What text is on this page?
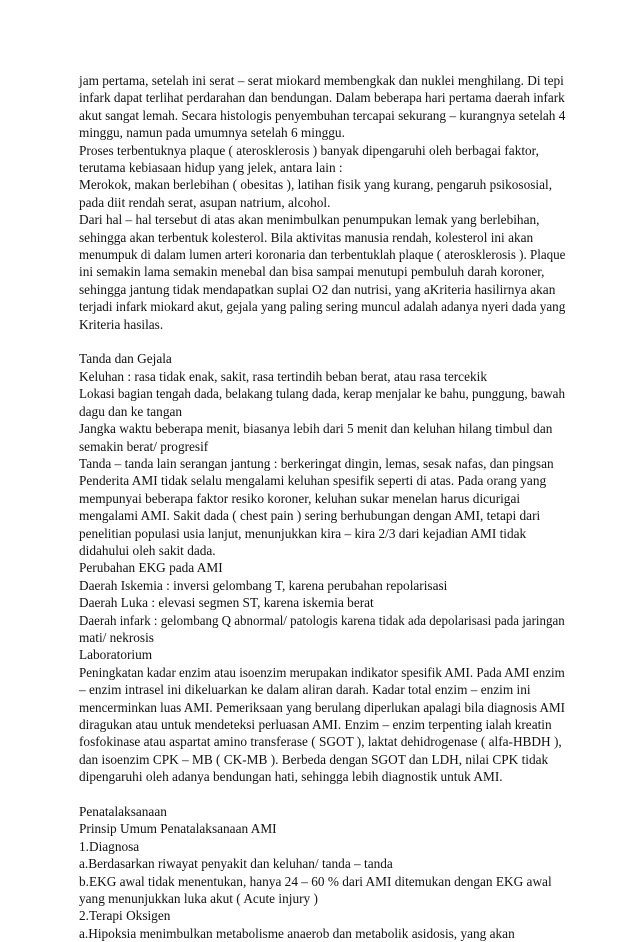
jam pertama, setelah ini serat – serat miokard membengkak dan nuklei menghilang. Di tepi
infark dapat terlihat perdarahan dan bendungan. Dalam beberapa hari pertama daerah infark
akut sangat lemah. Secara histologis penyembuhan tercapai sekurang – kurangnya setelah 4
minggu, namun pada umumnya setelah 6 minggu.
Proses terbentuknya plaque ( aterosklerosis ) banyak dipengaruhi oleh berbagai faktor,
terutama kebiasaan hidup yang jelek, antara lain :
Merokok, makan berlebihan ( obesitas ), latihan fisik yang kurang, pengaruh psikososial,
pada diit rendah serat, asupan natrium, alcohol.
Dari hal – hal tersebut di atas akan menimbulkan penumpukan lemak yang berlebihan,
sehingga akan terbentuk kolesterol. Bila aktivitas manusia rendah, kolesterol ini akan
menumpuk di dalam lumen arteri koronaria dan terbentuklah plaque ( aterosklerosis ). Plaque
ini semakin lama semakin menebal dan bisa sampai menutupi pembuluh darah koroner,
sehingga jantung tidak mendapatkan suplai O2 dan nutrisi, yang aKriteria hasilirnya akan
terjadi infark miokard akut, gejala yang paling sering muncul adalah adanya nyeri dada yang
Kriteria hasilas.
Tanda dan Gejala
Keluhan : rasa tidak enak, sakit, rasa tertindih beban berat, atau rasa tercekik
Lokasi bagian tengah dada, belakang tulang dada, kerap menjalar ke bahu, punggung, bawah
dagu dan ke tangan
Jangka waktu beberapa menit, biasanya lebih dari 5 menit dan keluhan hilang timbul dan
semakin berat/ progresif
Tanda – tanda lain serangan jantung : berkeringat dingin, lemas, sesak nafas, dan pingsan
Penderita AMI tidak selalu mengalami keluhan spesifik seperti di atas. Pada orang yang
mempunyai beberapa faktor resiko koroner, keluhan sukar menelan harus dicurigai
mengalami AMI. Sakit dada ( chest pain ) sering berhubungan dengan AMI, tetapi dari
penelitian populasi usia lanjut, menunjukkan kira – kira 2/3 dari kejadian AMI tidak
didahului oleh sakit dada.
Perubahan EKG pada AMI
Daerah Iskemia : inversi gelombang T, karena perubahan repolarisasi
Daerah Luka : elevasi segmen ST, karena iskemia berat
Daerah infark : gelombang Q abnormal/ patologis karena tidak ada depolarisasi pada jaringan
mati/ nekrosis
Laboratorium
Peningkatan kadar enzim atau isoenzim merupakan indikator spesifik AMI. Pada AMI enzim
– enzim intrasel ini dikeluarkan ke dalam aliran darah. Kadar total enzim – enzim ini
mencerminkan luas AMI. Pemeriksaan yang berulang diperlukan apalagi bila diagnosis AMI
diragukan atau untuk mendeteksi perluasan AMI. Enzim – enzim terpenting ialah kreatin
fosfokinase atau aspartat amino transferase ( SGOT ), laktat dehidrogenase ( alfa-HBDH ),
dan isoenzim CPK – MB ( CK-MB ). Berbeda dengan SGOT dan LDH, nilai CPK tidak
dipengaruhi oleh adanya bendungan hati, sehingga lebih diagnostik untuk AMI.
Penatalaksanaan
Prinsip Umum Penatalaksanaan AMI
1.Diagnosa
a.Berdasarkan riwayat penyakit dan keluhan/ tanda – tanda
b.EKG awal tidak menentukan, hanya 24 – 60 % dari AMI ditemukan dengan EKG awal
yang menunjukkan luka akut ( Acute injury )
2.Terapi Oksigen
a.Hipoksia menimbulkan metabolisme anaerob dan metabolik asidosis, yang akan
